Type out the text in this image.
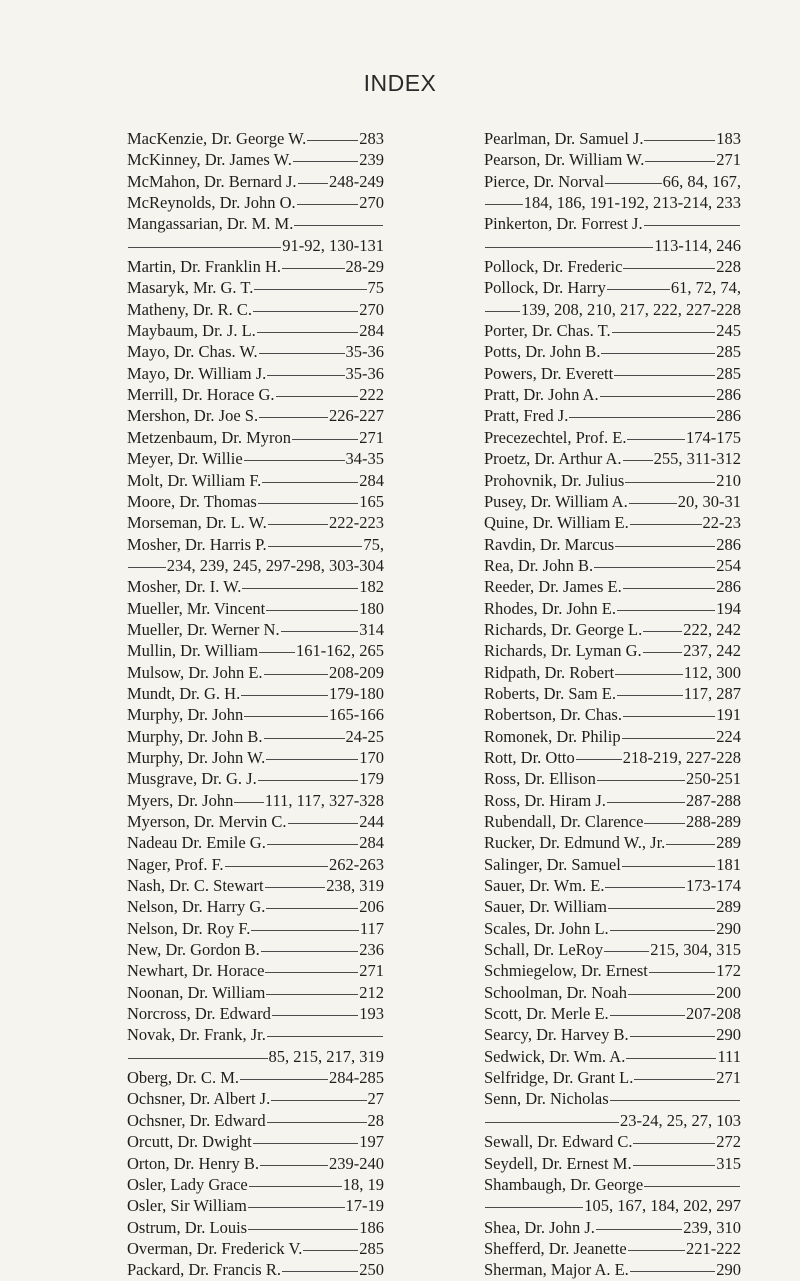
INDEX
MacKenzie, Dr. George W.	283
McKinney, Dr. James W.	239
McMahon, Dr. Bernard J. 248-249
McReynolds, Dr. John O.	270
Mangassarian, Dr. M. M.
91-92, 130-131
Martin, Dr. Franklin H.	28-29
Masaryk, Mr. G. T.	75
Matheny, Dr. R. C.	270
Maybaum, Dr. J. L.	284
Mayo, Dr. Chas. W.	35-36
Mayo, Dr. William J.	35-36
Merrill, Dr. Horace G.	222
Mershon, Dr. Joe S.	226-227
Metzenbaum, Dr. Myron	271
Meyer, Dr. Willie	34-35
Molt, Dr. William F.	284
Moore, Dr. Thomas	165
Morseman, Dr. L. W.	222-223
Mosher, Dr. Harris P.	75,
234, 239, 245, 297-298, 303-304
Mosher, Dr. I. W.	182
Mueller, Mr. Vincent	180
Mueller, Dr. Werner N.	314
Mullin, Dr. William 161-162, 265
Mulsow, Dr. John E.	208-209
Mundt, Dr. G. H.	179-180
Murphy, Dr. John	165-166
Murphy, Dr. John B.	24-25
Murphy, Dr. John W.	170
Musgrave, Dr. G. J.	179
Myers, Dr. John 111, 117, 327-328
Myerson, Dr. Mervin C.	244
Nadeau Dr. Emile G.	284
Nager, Prof. F.	262-263
Nash, Dr. C. Stewart	238, 319
Nelson, Dr. Harry G.	206
Nelson, Dr. Roy F.	117
New, Dr. Gordon B.	236
Newhart, Dr. Horace	271
Noonan, Dr. William	212
Norcross, Dr. Edward	193
Novak, Dr. Frank, Jr.
85, 215, 217, 319
Oberg, Dr. C. M.	284-285
Ochsner, Dr. Albert J.	27
Ochsner, Dr. Edward	28
Orcutt, Dr. Dwight	197
Orton, Dr. Henry B.	239-240
Osler, Lady Grace	18, 19
Osler, Sir William	17-19
Ostrum, Dr. Louis	186
Overman, Dr. Frederick V.	285
Packard, Dr. Francis R.	250
Pearlman, Dr. Samuel J.	183
Pearson, Dr. William W.	271
Pierce, Dr. Norval	66, 84, 167,
184, 186, 191-192, 213-214, 233
Pinkerton, Dr. Forrest J.
113-114, 246
Pollock, Dr. Frederic	228
Pollock, Dr. Harry	61, 72, 74,
139, 208, 210, 217, 222, 227-228
Porter, Dr. Chas. T.	245
Potts, Dr. John B.	285
Powers, Dr. Everett	285
Pratt, Dr. John A.	286
Pratt, Fred J.	286
Precezechtel, Prof. E.	174-175
Proetz, Dr. Arthur A. 255, 311-312
Prohovnik, Dr. Julius	210
Pusey, Dr. William A.	20, 30-31
Quine, Dr. William E.	22-23
Ravdin, Dr. Marcus	286
Rea, Dr. John B.	254
Reeder, Dr. James E.	286
Rhodes, Dr. John E.	194
Richards, Dr. George L. 222, 242
Richards, Dr. Lyman G.	237, 242
Ridpath, Dr. Robert	112, 300
Roberts, Dr. Sam E.	117, 287
Robertson, Dr. Chas.	191
Romonek, Dr. Philip	224
Rott, Dr. Otto	218-219, 227-228
Ross, Dr. Ellison	250-251
Ross, Dr. Hiram J.	287-288
Rubendall, Dr. Clarence	288-289
Rucker, Dr. Edmund W., Jr.	289
Salinger, Dr. Samuel	181
Sauer, Dr. Wm. E.	173-174
Sauer, Dr. William	289
Scales, Dr. John L.	290
Schall, Dr. LeRoy	215, 304, 315
Schmiegelow, Dr. Ernest	172
Schoolman, Dr. Noah	200
Scott, Dr. Merle E.	207-208
Searcy, Dr. Harvey B.	290
Sedwick, Dr. Wm. A.	111
Selfridge, Dr. Grant L.	271
Senn, Dr. Nicholas
23-24, 25, 27, 103
Sewall, Dr. Edward C.	272
Seydell, Dr. Ernest M.	315
Shambaugh, Dr. George
105, 167, 184, 202, 297
Shea, Dr. John J.	239, 310
Shefferd, Dr. Jeanette	221-222
Sherman, Major A. E.	290
